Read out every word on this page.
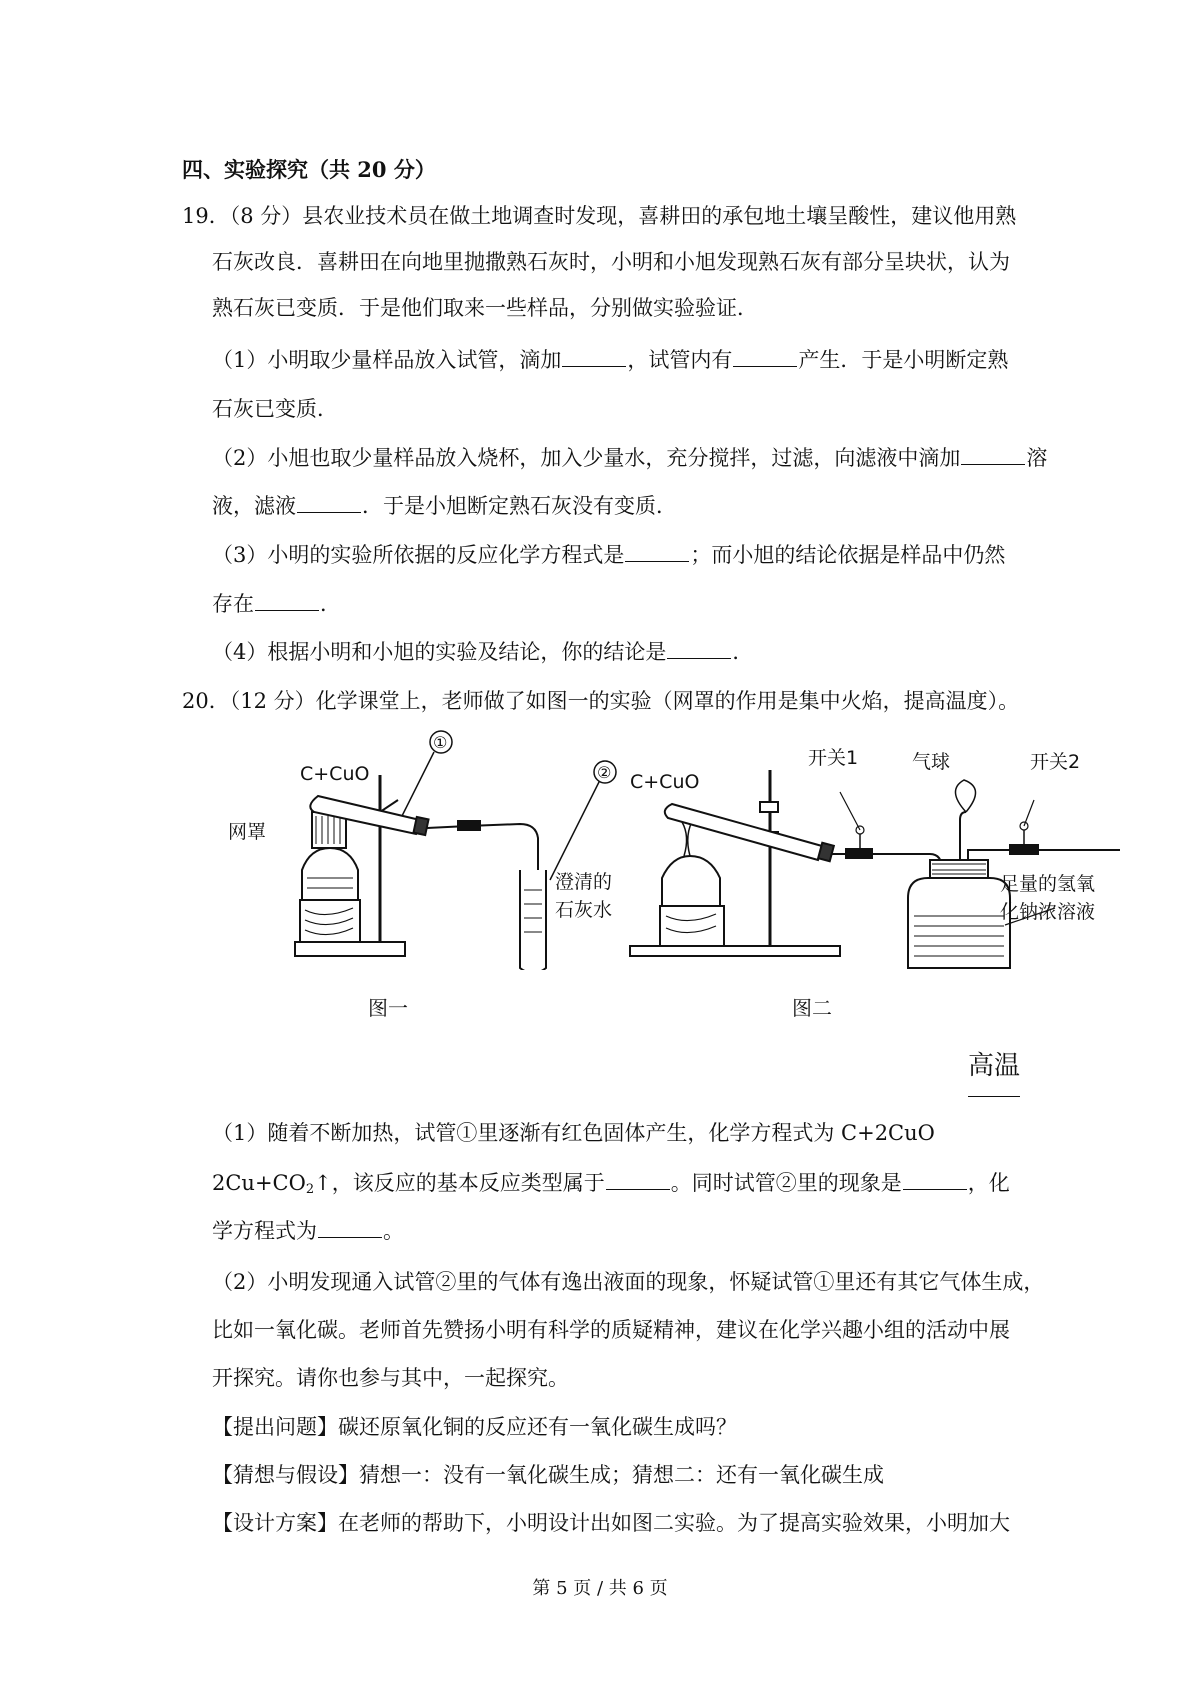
四、实验探究（共 20 分）
19．（8 分）县农业技术员在做土地调查时发现，喜耕田的承包地土壤呈酸性，建议他用熟
石灰改良．喜耕田在向地里抛撒熟石灰时，小明和小旭发现熟石灰有部分呈块状，认为
熟石灰已变质．于是他们取来一些样品，分别做实验验证．
（1）小明取少量样品放入试管，滴加	，试管内有	产生．于是小明断定熟
石灰已变质．
（2）小旭也取少量样品放入烧杯，加入少量水，充分搅拌，过滤，向滤液中滴加	溶
液，滤液	．于是小旭断定熟石灰没有变质．
（3）小明的实验所依据的反应化学方程式是	；而小旭的结论依据是样品中仍然
存在	．
（4）根据小明和小旭的实验及结论，你的结论是	．
20．（12 分）化学课堂上，老师做了如图一的实验（网罩的作用是集中火焰，提高温度）。
C+CuO
网罩
①
②
澄清的
石灰水
C+CuO
开关1	气球	开关2
足量的氢氧
化钠浓溶液
图一	图二
高温
（1）随着不断加热，试管①里逐渐有红色固体产生，化学方程式为 C+2CuO
$2Cu+CO_2↑$，该反应的基本反应类型属于	。同时试管②里的现象是	，化
学方程式为	。
（2）小明发现通入试管②里的气体有逸出液面的现象，怀疑试管①里还有其它气体生成，
比如一氧化碳。老师首先赞扬小明有科学的质疑精神，建议在化学兴趣小组的活动中展
开探究。请你也参与其中，一起探究。
【提出问题】碳还原氧化铜的反应还有一氧化碳生成吗？
【猜想与假设】猜想一：没有一氧化碳生成；猜想二：还有一氧化碳生成
【设计方案】在老师的帮助下，小明设计出如图二实验。为了提高实验效果，小明加大
第 5 页 / 共 6 页
